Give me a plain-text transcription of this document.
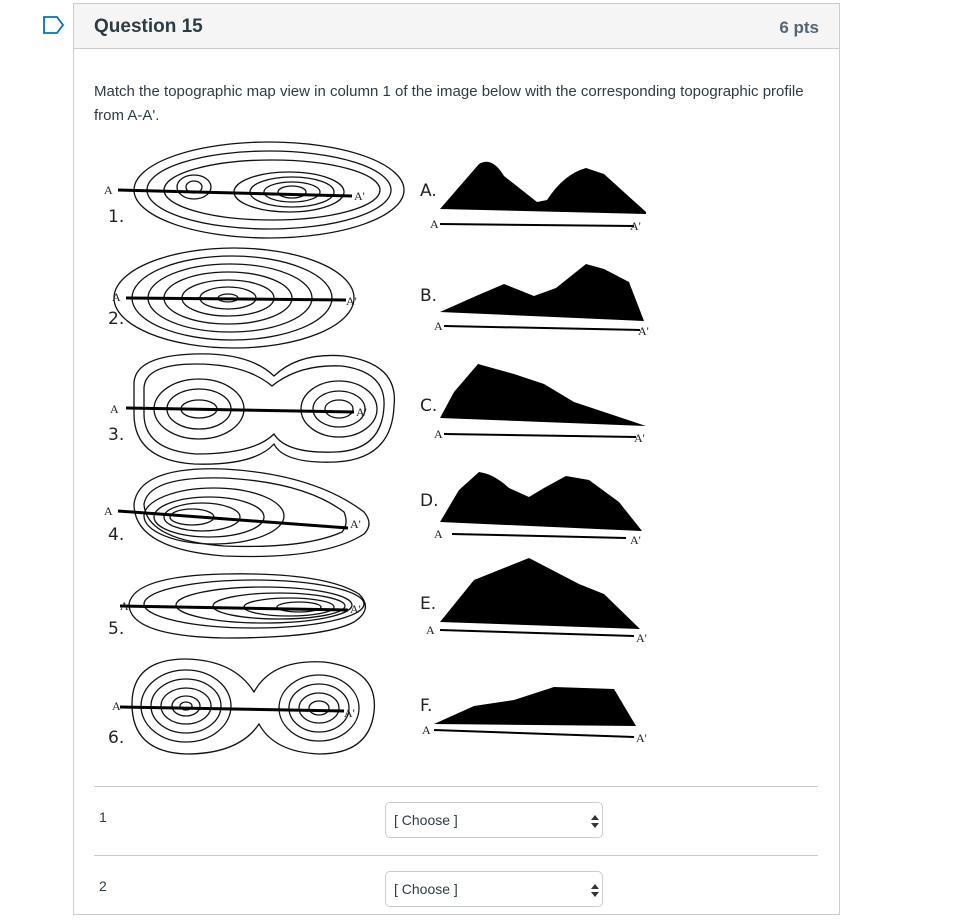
Question 15	6 pts
Match the topographic map view in column 1 of the image below with the corresponding topographic profile from A-A'.
A	A'
A	A'
A	A'
A
A'
A	A'
A	A'
1.
2.
3.
4.
5.
6.
A	A'
A	A'
A	A'
A	A'
A
A'
A
A'
A.
B.
C.
D.
E.
F.
1	[ Choose ]
2	[ Choose ]
